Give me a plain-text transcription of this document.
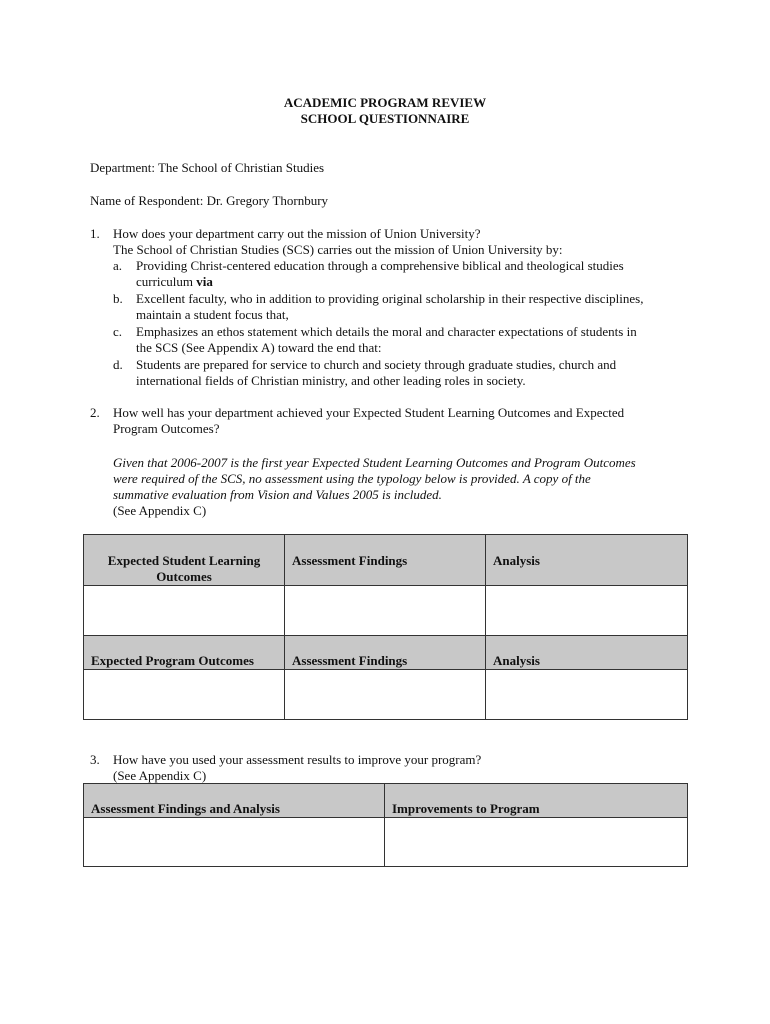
ACADEMIC PROGRAM REVIEW
SCHOOL QUESTIONNAIRE
Department: The School of Christian Studies
Name of Respondent: Dr. Gregory Thornbury
1. How does your department carry out the mission of Union University?
The School of Christian Studies (SCS) carries out the mission of Union University by:
a. Providing Christ-centered education through a comprehensive biblical and theological studies
curriculum via
b. Excellent faculty, who in addition to providing original scholarship in their respective disciplines,
maintain a student focus that,
c. Emphasizes an ethos statement which details the moral and character expectations of students in
the SCS (See Appendix A) toward the end that:
d. Students are prepared for service to church and society through graduate studies, church and
international fields of Christian ministry, and other leading roles in society.
2. How well has your department achieved your Expected Student Learning Outcomes and Expected
Program Outcomes?
Given that 2006-2007 is the first year Expected Student Learning Outcomes and Program Outcomes
were required of the SCS, no assessment using the typology below is provided. A copy of the
summative evaluation from Vision and Values 2005 is included.
(See Appendix C)
Expected Student Learning Outcomes	Assessment Findings	Analysis

Expected Program Outcomes	Assessment Findings	Analysis

3. How have you used your assessment results to improve your program?
(See Appendix C)
Assessment Findings and Analysis	Improvements to Program
